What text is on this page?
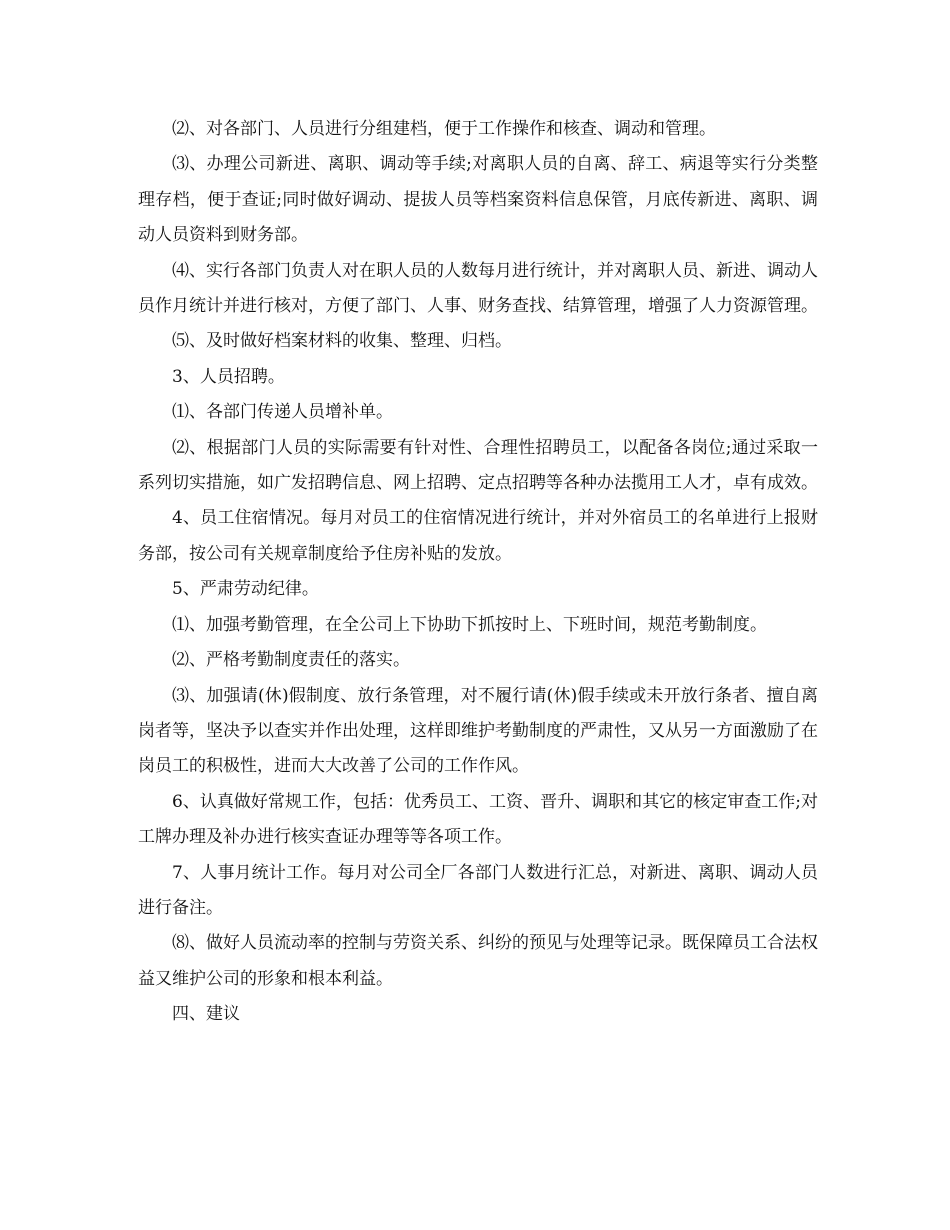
⑵、对各部门、人员进行分组建档，便于工作操作和核查、调动和管理。

⑶、办理公司新进、离职、调动等手续;对离职人员的自离、辞工、病退等实行分类整理存档，便于查证;同时做好调动、提拔人员等档案资料信息保管，月底传新进、离职、调动人员资料到财务部。

⑷、实行各部门负责人对在职人员的人数每月进行统计，并对离职人员、新进、调动人员作月统计并进行核对，方便了部门、人事、财务查找、结算管理，增强了人力资源管理。

⑸、及时做好档案材料的收集、整理、归档。

3、人员招聘。

⑴、各部门传递人员增补单。

⑵、根据部门人员的实际需要有针对性、合理性招聘员工，以配备各岗位;通过采取一系列切实措施，如广发招聘信息、网上招聘、定点招聘等各种办法揽用工人才，卓有成效。

4、员工住宿情况。每月对员工的住宿情况进行统计，并对外宿员工的名单进行上报财务部，按公司有关规章制度给予住房补贴的发放。

5、严肃劳动纪律。

⑴、加强考勤管理，在全公司上下协助下抓按时上、下班时间，规范考勤制度。

⑵、严格考勤制度责任的落实。

⑶、加强请(休)假制度、放行条管理，对不履行请(休)假手续或未开放行条者、擅自离岗者等，坚决予以查实并作出处理，这样即维护考勤制度的严肃性，又从另一方面激励了在岗员工的积极性，进而大大改善了公司的工作作风。

6、认真做好常规工作，包括：优秀员工、工资、晋升、调职和其它的核定审查工作;对工牌办理及补办进行核实查证办理等等各项工作。

7、人事月统计工作。每月对公司全厂各部门人数进行汇总，对新进、离职、调动人员进行备注。

⑻、做好人员流动率的控制与劳资关系、纠纷的预见与处理等记录。既保障员工合法权益又维护公司的形象和根本利益。

四、建议
